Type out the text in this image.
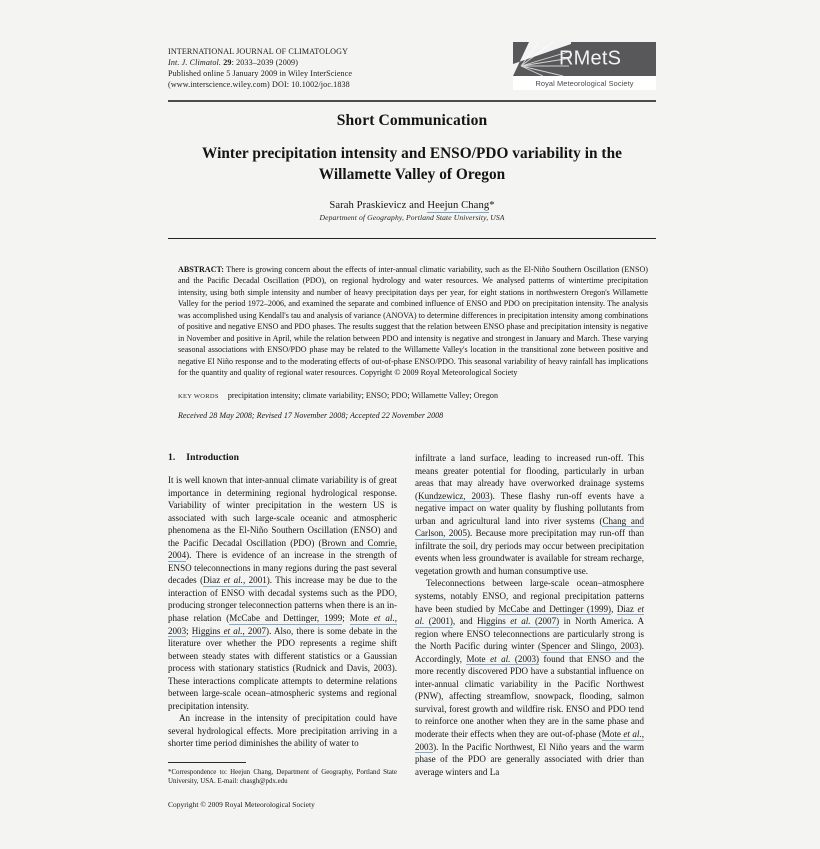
INTERNATIONAL JOURNAL OF CLIMATOLOGY
Int. J. Climatol. 29: 2033–2039 (2009)
Published online 5 January 2009 in Wiley InterScience
(www.interscience.wiley.com) DOI: 10.1002/joc.1838
RMetS
Royal Meteorological Society
Short Communication
Winter precipitation intensity and ENSO/PDO variability in the Willamette Valley of Oregon
Sarah Praskievicz and Heejun Chang*
Department of Geography, Portland State University, USA

ABSTRACT: There is growing concern about the effects of inter-annual climatic variability, such as the El-Niño Southern Oscillation (ENSO) and the Pacific Decadal Oscillation (PDO), on regional hydrology and water resources. We analysed patterns of wintertime precipitation intensity, using both simple intensity and number of heavy precipitation days per year, for eight stations in northwestern Oregon's Willamette Valley for the period 1972–2006, and examined the separate and combined influence of ENSO and PDO on precipitation intensity. The analysis was accomplished using Kendall's tau and analysis of variance (ANOVA) to determine differences in precipitation intensity among combinations of positive and negative ENSO and PDO phases. The results suggest that the relation between ENSO phase and precipitation intensity is negative in November and positive in April, while the relation between PDO and intensity is negative and strongest in January and March. These varying seasonal associations with ENSO/PDO phase may be related to the Willamette Valley's location in the transitional zone between positive and negative El Niño response and to the moderating effects of out-of-phase ENSO/PDO. This seasonal variability of heavy rainfall has implications for the quantity and quality of regional water resources. Copyright © 2009 Royal Meteorological Society

KEY WORDS precipitation intensity; climate variability; ENSO; PDO; Willamette Valley; Oregon
Received 28 May 2008; Revised 17 November 2008; Accepted 22 November 2008
1. Introduction

It is well known that inter-annual climate variability is of great importance in determining regional hydrological response. Variability of winter precipitation in the western US is associated with such large-scale oceanic and atmospheric phenomena as the El-Niño Southern Oscillation (ENSO) and the Pacific Decadal Oscillation (PDO) (Brown and Comrie, 2004). There is evidence of an increase in the strength of ENSO teleconnections in many regions during the past several decades (Diaz et al., 2001). This increase may be due to the interaction of ENSO with decadal systems such as the PDO, producing stronger teleconnection patterns when there is an in-phase relation (McCabe and Dettinger, 1999; Mote et al., 2003; Higgins et al., 2007). Also, there is some debate in the literature over whether the PDO represents a regime shift between steady states with different statistics or a Gaussian process with stationary statistics (Rudnick and Davis, 2003). These interactions complicate attempts to determine relations between large-scale ocean–atmospheric systems and regional precipitation intensity.

An increase in the intensity of precipitation could have several hydrological effects. More precipitation arriving in a shorter time period diminishes the ability of water to

infiltrate a land surface, leading to increased run-off. This means greater potential for flooding, particularly in urban areas that may already have overworked drainage systems (Kundzewicz, 2003). These flashy run-off events have a negative impact on water quality by flushing pollutants from urban and agricultural land into river systems (Chang and Carlson, 2005). Because more precipitation may run-off than infiltrate the soil, dry periods may occur between precipitation events when less groundwater is available for stream recharge, vegetation growth and human consumptive use.

Teleconnections between large-scale ocean–atmosphere systems, notably ENSO, and regional precipitation patterns have been studied by McCabe and Dettinger (1999), Diaz et al. (2001), and Higgins et al. (2007) in North America. A region where ENSO teleconnections are particularly strong is the North Pacific during winter (Spencer and Slingo, 2003). Accordingly, Mote et al. (2003) found that ENSO and the more recently discovered PDO have a substantial influence on inter-annual climatic variability in the Pacific Northwest (PNW), affecting streamflow, snowpack, flooding, salmon survival, forest growth and wildfire risk. ENSO and PDO tend to reinforce one another when they are in the same phase and moderate their effects when they are out-of-phase (Mote et al., 2003). In the Pacific Northwest, El Niño years and the warm phase of the PDO are generally associated with drier than average winters and La

*Correspondence to: Heejun Chang, Department of Geography, Portland State University, USA. E-mail: chasgh@pdx.edu
Copyright © 2009 Royal Meteorological Society
